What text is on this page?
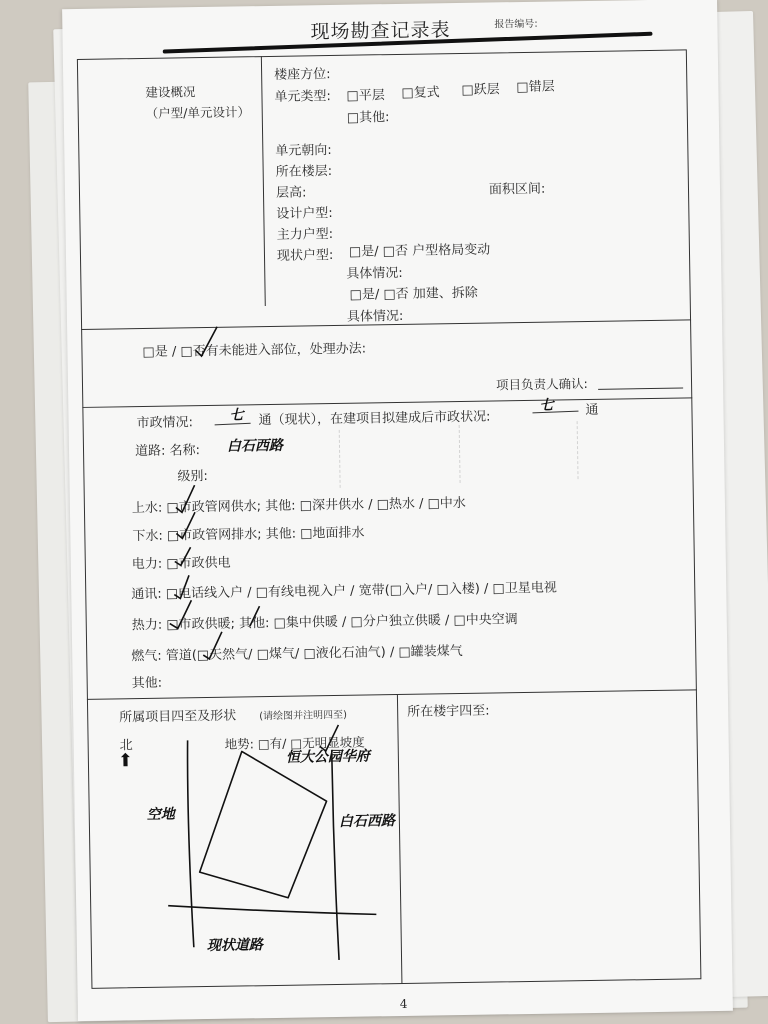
现场勘查记录表	报告编号:
建设概况
（户型/单元设计）
楼座方位:
单元类型: □平层 □复式 □跃层 □错层
□其他:
单元朝向:
所在楼层:
层高:	面积区间:
设计户型:
主力户型:
现状户型: □是/ □否 户型格局变动
具体情况:
□是/ □否 加建、拆除
具体情况:
□是 / □否有未能进入部位，处理办法:
项目负责人确认:
市政情况:	七 通（现状），在建项目拟建成后市政状况:
七 通
道路: 名称: 白石西路
级别:
上水: □市政管网供水; 其他: □深井供水 / □热水 / □中水
下水: □市政管网排水; 其他: □地面排水
电力: □市政供电
通讯: □电话线入户 / □有线电视入户 / 宽带(□入户/ □入楼) / □卫星电视
热力: □市政供暖; 其他: □集中供暖 / □分户独立供暖 / □中央空调
燃气: 管道(□天然气/ □煤气/ □液化石油气) / □罐装煤气
其他:
所属项目四至及形状 (请绘图并注明四至)	所在楼宇四至:
北
⬆
地势: □有/ □无明显坡度
恒大公园华府
空地	白石西路
现状道路
4
